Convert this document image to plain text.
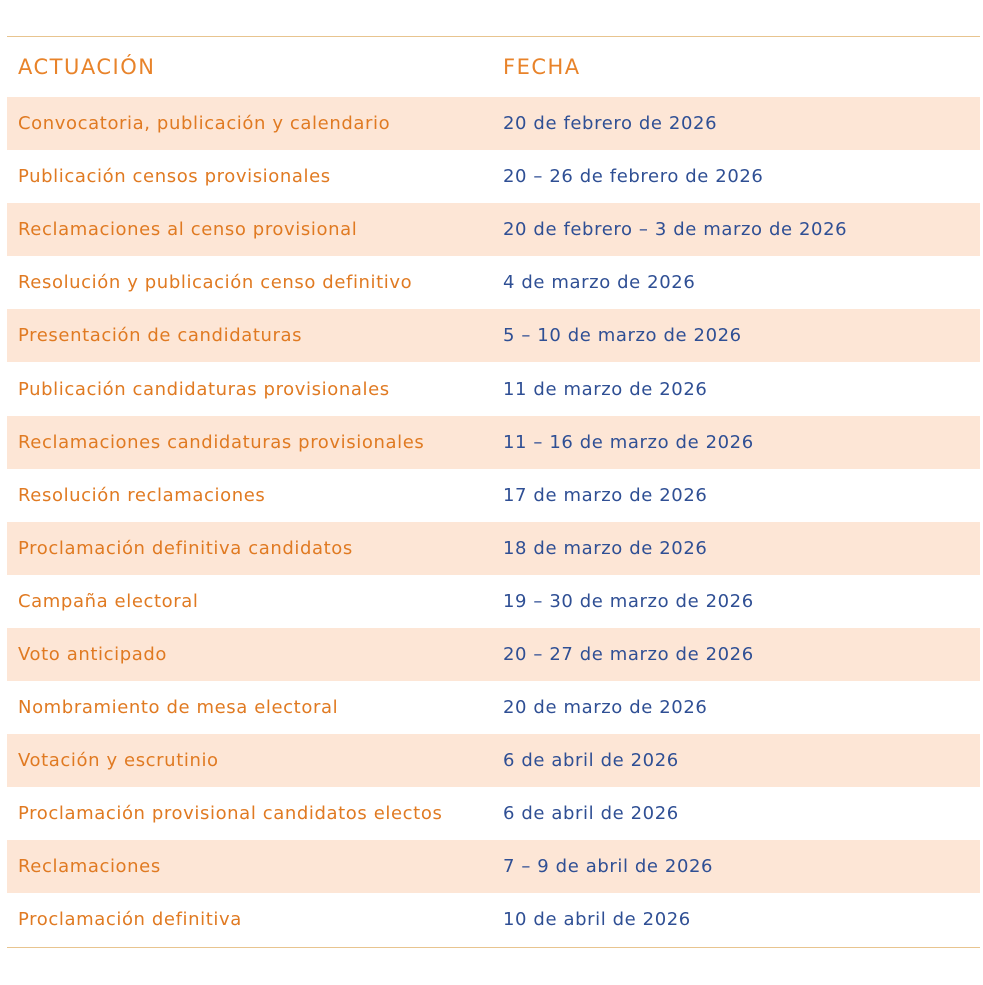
ACTUACIÓN	FECHA
Convocatoria, publicación y calendario	20 de febrero de 2026
Publicación censos provisionales	20 – 26 de febrero de 2026
Reclamaciones al censo provisional	20 de febrero – 3 de marzo de 2026
Resolución y publicación censo definitivo	4 de marzo de 2026
Presentación de candidaturas	5 – 10 de marzo de 2026
Publicación candidaturas provisionales	11 de marzo de 2026
Reclamaciones candidaturas provisionales	11 – 16 de marzo de 2026
Resolución reclamaciones	17 de marzo de 2026
Proclamación definitiva candidatos	18 de marzo de 2026
Campaña electoral	19 – 30 de marzo de 2026
Voto anticipado	20 – 27 de marzo de 2026
Nombramiento de mesa electoral	20 de marzo de 2026
Votación y escrutinio	6 de abril de 2026
Proclamación provisional candidatos electos	6 de abril de 2026
Reclamaciones	7 – 9 de abril de 2026
Proclamación definitiva	10 de abril de 2026
